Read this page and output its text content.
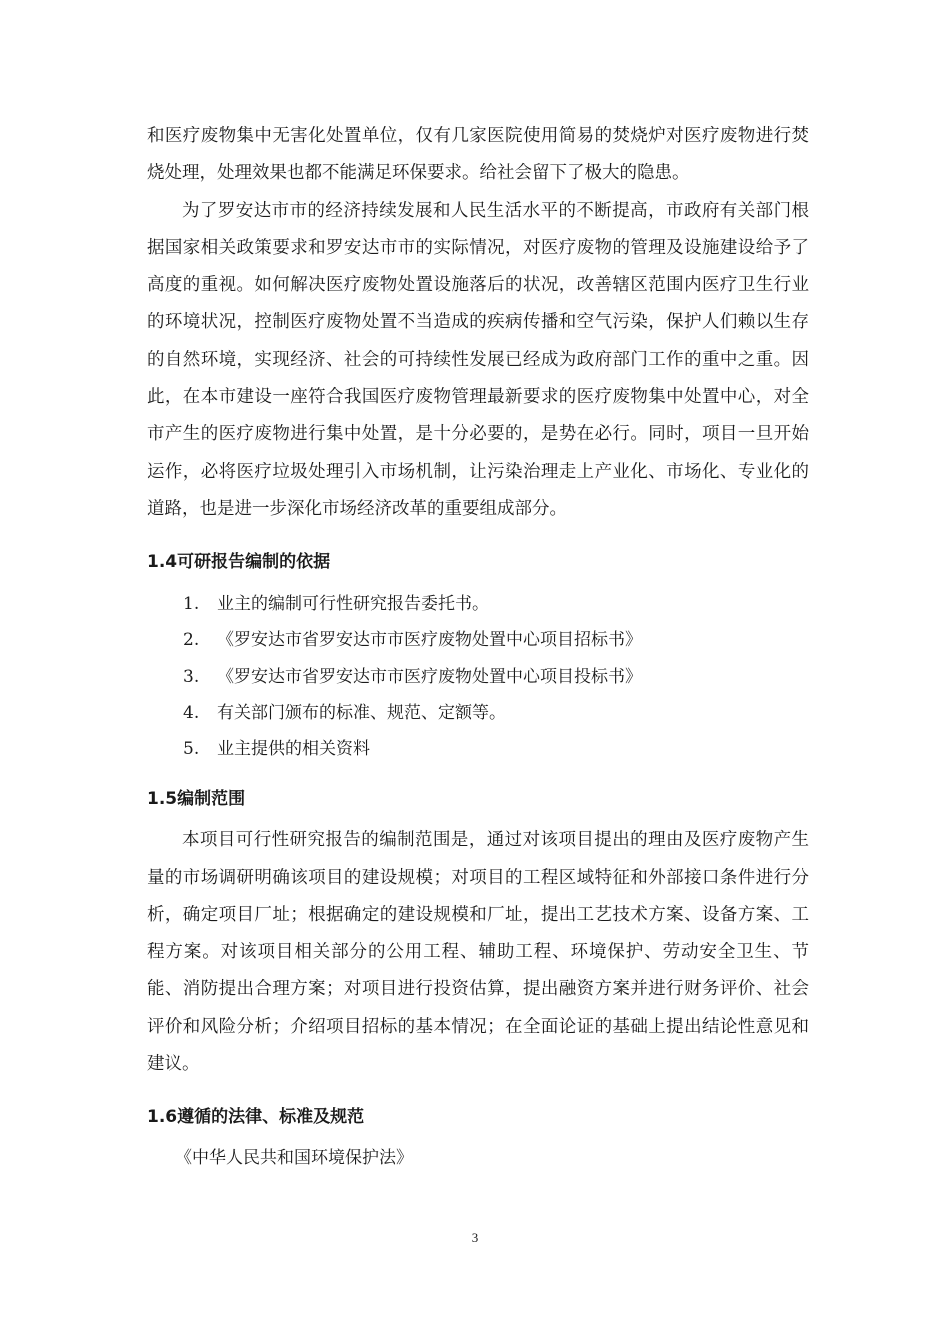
和医疗废物集中无害化处置单位，仅有几家医院使用简易的焚烧炉对医疗废物进行焚烧处理，处理效果也都不能满足环保要求。给社会留下了极大的隐患。

为了罗安达市市的经济持续发展和人民生活水平的不断提高，市政府有关部门根据国家相关政策要求和罗安达市市的实际情况，对医疗废物的管理及设施建设给予了高度的重视。如何解决医疗废物处置设施落后的状况，改善辖区范围内医疗卫生行业的环境状况，控制医疗废物处置不当造成的疾病传播和空气污染，保护人们赖以生存的自然环境，实现经济、社会的可持续性发展已经成为政府部门工作的重中之重。因此，在本市建设一座符合我国医疗废物管理最新要求的医疗废物集中处置中心，对全市产生的医疗废物进行集中处置，是十分必要的，是势在必行。同时，项目一旦开始运作，必将医疗垃圾处理引入市场机制，让污染治理走上产业化、市场化、专业化的道路，也是进一步深化市场经济改革的重要组成部分。

1.4可研报告编制的依据
1.	业主的编制可行性研究报告委托书。
2.	《罗安达市省罗安达市市医疗废物处置中心项目招标书》
3.	《罗安达市省罗安达市市医疗废物处置中心项目投标书》
4.	有关部门颁布的标准、规范、定额等。
5.	业主提供的相关资料
1.5编制范围

本项目可行性研究报告的编制范围是，通过对该项目提出的理由及医疗废物产生量的市场调研明确该项目的建设规模；对项目的工程区域特征和外部接口条件进行分析，确定项目厂址；根据确定的建设规模和厂址，提出工艺技术方案、设备方案、工程方案。对该项目相关部分的公用工程、辅助工程、环境保护、劳动安全卫生、节能、消防提出合理方案；对项目进行投资估算，提出融资方案并进行财务评价、社会评价和风险分析；介绍项目招标的基本情况；在全面论证的基础上提出结论性意见和建议。

1.6遵循的法律、标准及规范

《中华人民共和国环境保护法》

3
